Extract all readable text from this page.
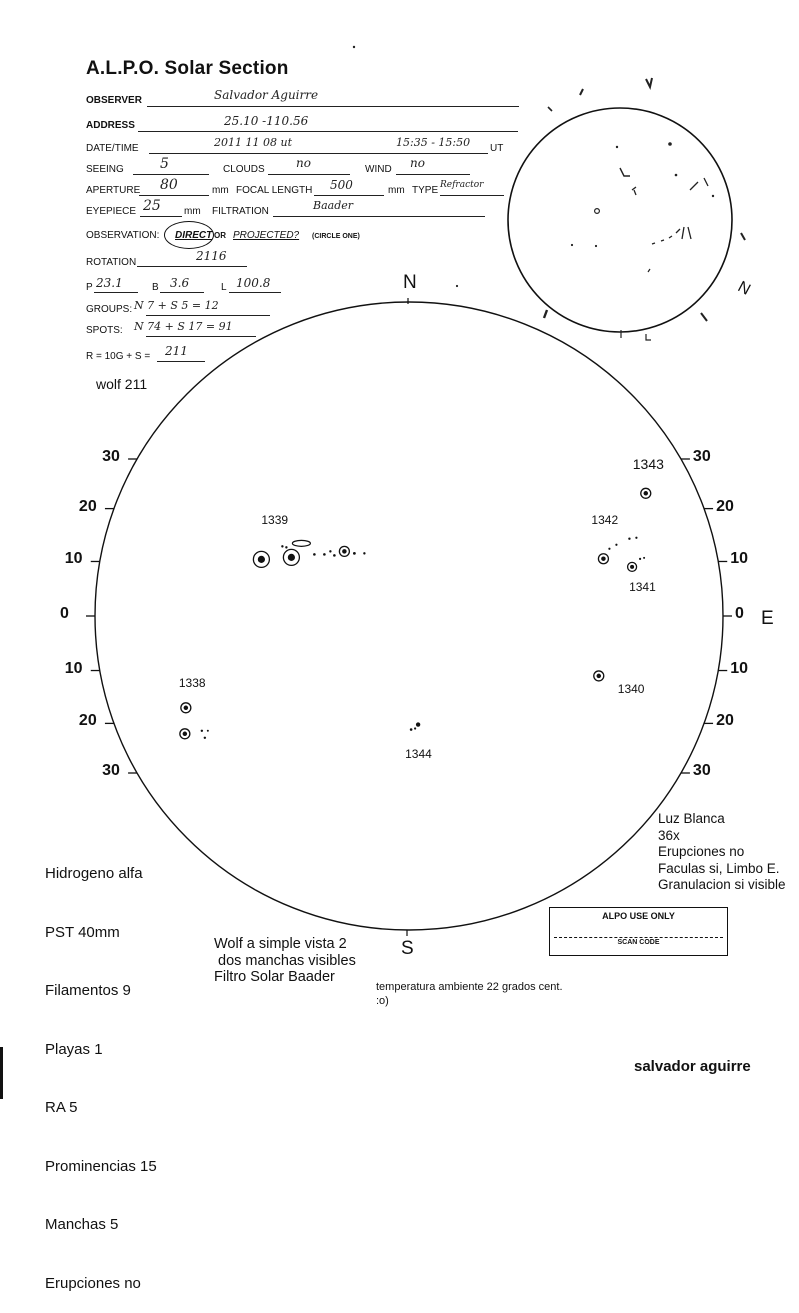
A.L.P.O. Solar Section
OBSERVER	Salvador Aguirre
ADDRESS	25.10 -110.56
DATE/TIME	2011 11 08 ut	15:35 - 15:50 UT
SEEING	5	CLOUDS	no	WIND no
APERTURE 80	mm FOCAL LENGTH 500	mm TYPE Refractor
EYEPIECE 25 mm FILTRATION	Baader
OBSERVATION: DIRECT OR PROJECTED? (CIRCLE ONE)
ROTATION	2116
P 23.1	B 3.6	L 100.8
GROUPS: N 7 + S 5 = 12
SPOTS: N 74 + S 17 = 91
R = 10G + S = 211
wolf 211
N
N
S
E
30	30
20	20
10	10
0	0
10	10
20	20
30	30
1339	1342
1343
1341
1338	1340
1344

Hidrogeno alfa

PST 40mm

Filamentos 9

Playas 1

RA 5

Prominencias 15

Manchas 5

Erupciones no

Luz Blanca

36x

Erupciones no

Faculas si, Limbo E.

Granulacion si visible

ALPO USE ONLY
SCAN CODE

Wolf a simple vista 2

dos manchas visibles

Filtro Solar Baader

temperatura ambiente 22 grados cent.
:o)
salvador aguirre
